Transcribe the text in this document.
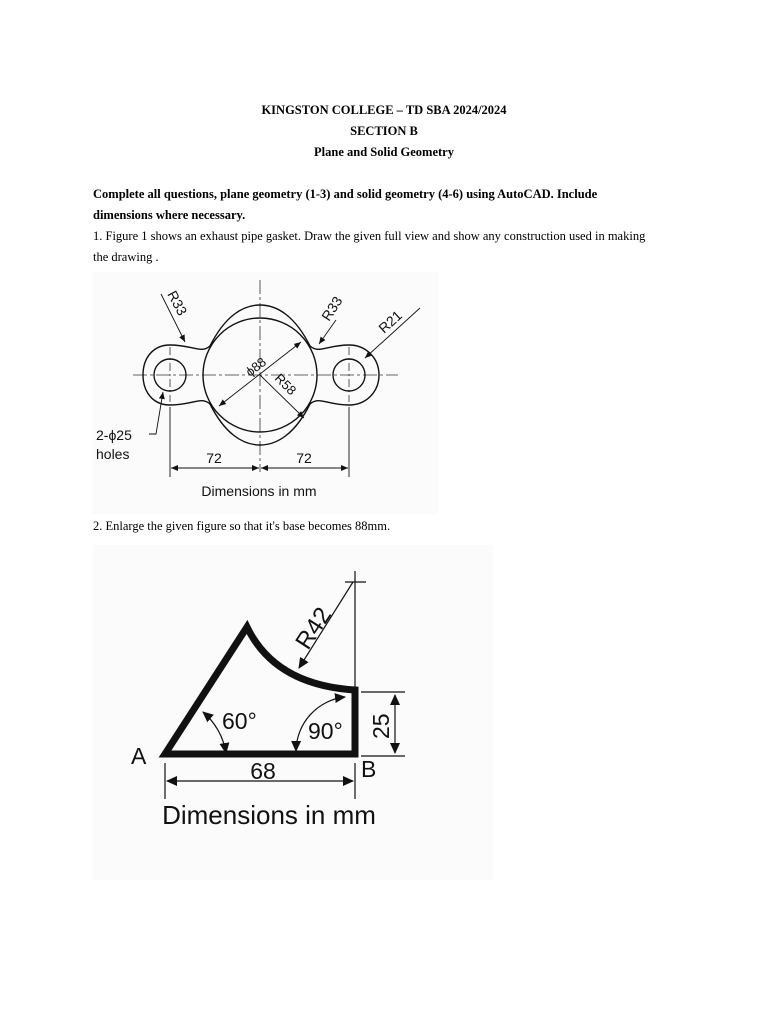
KINGSTON COLLEGE – TD SBA 2024/2024
SECTION B
Plane and Solid Geometry
Complete all questions, plane geometry (1-3) and solid geometry (4-6) using AutoCAD. Include
dimensions where necessary.
1. Figure 1 shows an exhaust pipe gasket. Draw the given full view and show any construction used in making
the drawing .
R33	R33 R21
ϕ88
R58
2-ϕ25
holes	72	72
Dimensions in mm
2. Enlarge the given figure so that it's base becomes 88mm.
R42
60° 90° 25
68
A	B
Dimensions in mm
